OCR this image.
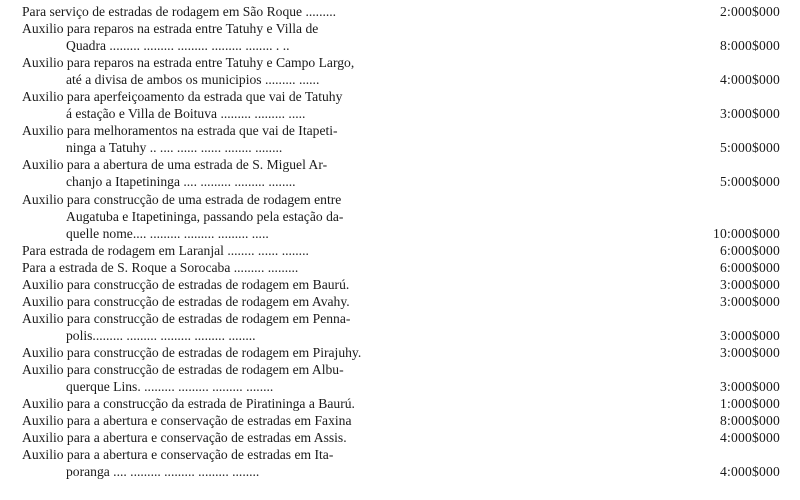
Para serviço de estradas de rodagem em São Roque .........	2:000$000
Auxilio para reparos na estrada entre Tatuhy e Villa de
Quadra ......... ......... ......... ......... ........ . ..	8:000$000
Auxilio para reparos na estrada entre Tatuhy e Campo Largo,
até a divisa de ambos os municipios ......... ......	4:000$000
Auxilio para aperfeiçoamento da estrada que vai de Tatuhy
á estação e Villa de Boituva ......... ......... .....	3:000$000
Auxilio para melhoramentos na estrada que vai de Itapeti-
ninga a Tatuhy .. .... ...... ...... ........ ........	5:000$000
Auxilio para a abertura de uma estrada de S. Miguel Ar-
chanjo a Itapetininga .... ......... ......... ........	5:000$000
Auxilio para construcção de uma estrada de rodagem entre
Augatuba e Itapetininga, passando pela estação da-
quelle nome.... ......... ......... ......... .....	10:000$000
Para estrada de rodagem em Laranjal ........ ...... ........	6:000$000
Para a estrada de S. Roque a Sorocaba ......... .........	6:000$000
Auxilio para construcção de estradas de rodagem em Baurú.	3:000$000
Auxilio para construcção de estradas de rodagem em Avahy.	3:000$000
Auxilio para construcção de estradas de rodagem em Penna-
polis......... ......... ......... ......... ........	3:000$000
Auxilio para construcção de estradas de rodagem em Pirajuhy.	3:000$000
Auxilio para construcção de estradas de rodagem em Albu-
querque Lins. ......... ......... ......... ........	3:000$000
Auxilio para a construcção da estrada de Piratininga a Baurú.	1:000$000
Auxilio para a abertura e conservação de estradas em Faxina	8:000$000
Auxilio para a abertura e conservação de estradas em Assis.	4:000$000
Auxilio para a abertura e conservação de estradas em Ita-
poranga .... ......... ......... ......... ........	4:000$000
